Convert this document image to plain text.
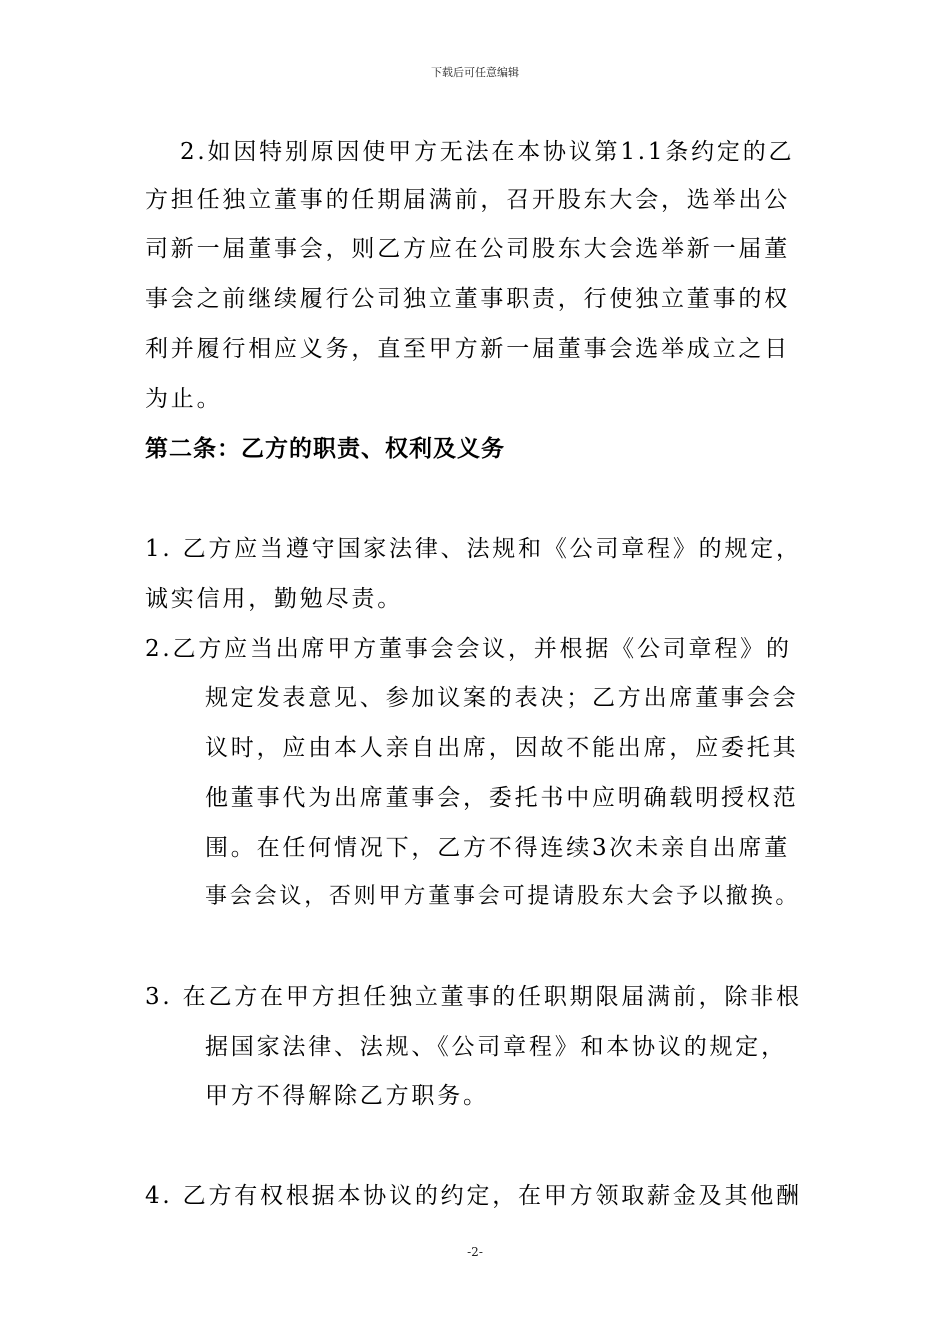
下载后可任意编辑
2.如因特别原因使甲方无法在本协议第1.1条约定的乙
方担任独立董事的任期届满前，召开股东大会，选举出公
司新一届董事会，则乙方应在公司股东大会选举新一届董
事会之前继续履行公司独立董事职责，行使独立董事的权
利并履行相应义务，直至甲方新一届董事会选举成立之日
为止。
第二条：乙方的职责、权利及义务
1. 乙方应当遵守国家法律、法规和《公司章程》的规定，
诚实信用，勤勉尽责。
2.乙方应当出席甲方董事会会议，并根据《公司章程》的
规定发表意见、参加议案的表决；乙方出席董事会会
议时，应由本人亲自出席，因故不能出席，应委托其
他董事代为出席董事会，委托书中应明确载明授权范
围。在任何情况下，乙方不得连续3次未亲自出席董
事会会议，否则甲方董事会可提请股东大会予以撤换。
3. 在乙方在甲方担任独立董事的任职期限届满前，除非根
据国家法律、法规、《公司章程》和本协议的规定，
甲方不得解除乙方职务。
4. 乙方有权根据本协议的约定，在甲方领取薪金及其他酬
-2-
